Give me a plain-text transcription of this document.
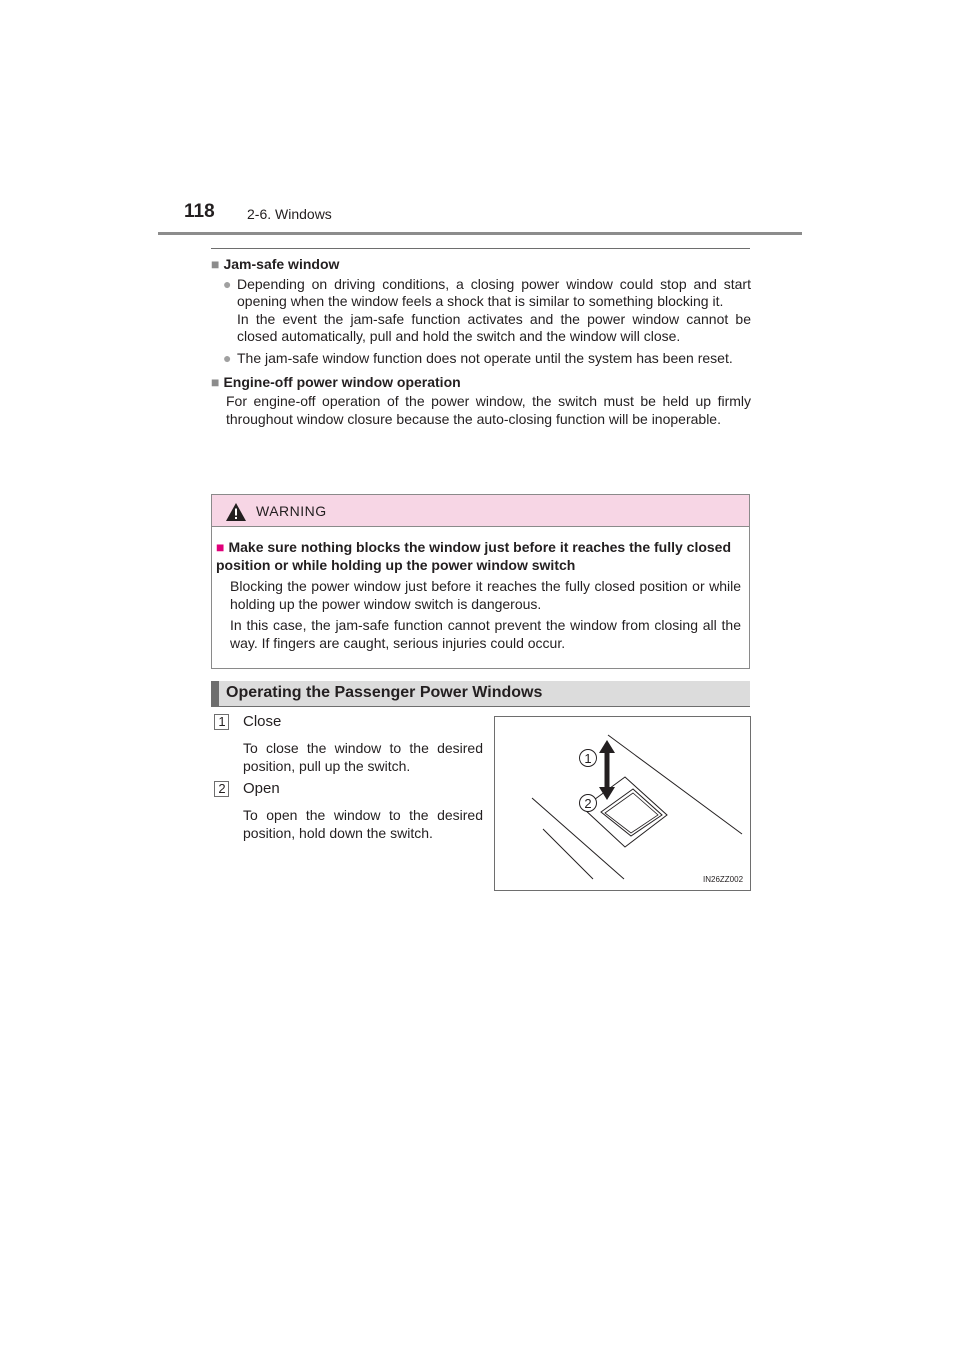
118 2-6. Windows

■ Jam-safe window

● Depending on driving conditions, a closing power window could stop and start opening when the window feels a shock that is similar to something blocking it.
In the event the jam-safe function activates and the power window cannot be closed automatically, pull and hold the switch and the window will close.
● The jam-safe window function does not operate until the system has been reset.

■ Engine-off power window operation

For engine-off operation of the power window, the switch must be held up firmly throughout window closure because the auto-closing function will be inoperable.
WARNING
■ Make sure nothing blocks the window just before it reaches the fully closed position or while holding up the power window switch

Blocking the power window just before it reaches the fully closed position or while holding up the power window switch is dangerous.

In this case, the jam-safe function cannot prevent the window from closing all the way. If fingers are caught, serious injuries could occur.

Operating the Passenger Power Windows
1 Close
To close the window to the desired position, pull up the switch.
2 Open
To open the window to the desired position, hold down the switch.
1
2
IN26ZZ002
